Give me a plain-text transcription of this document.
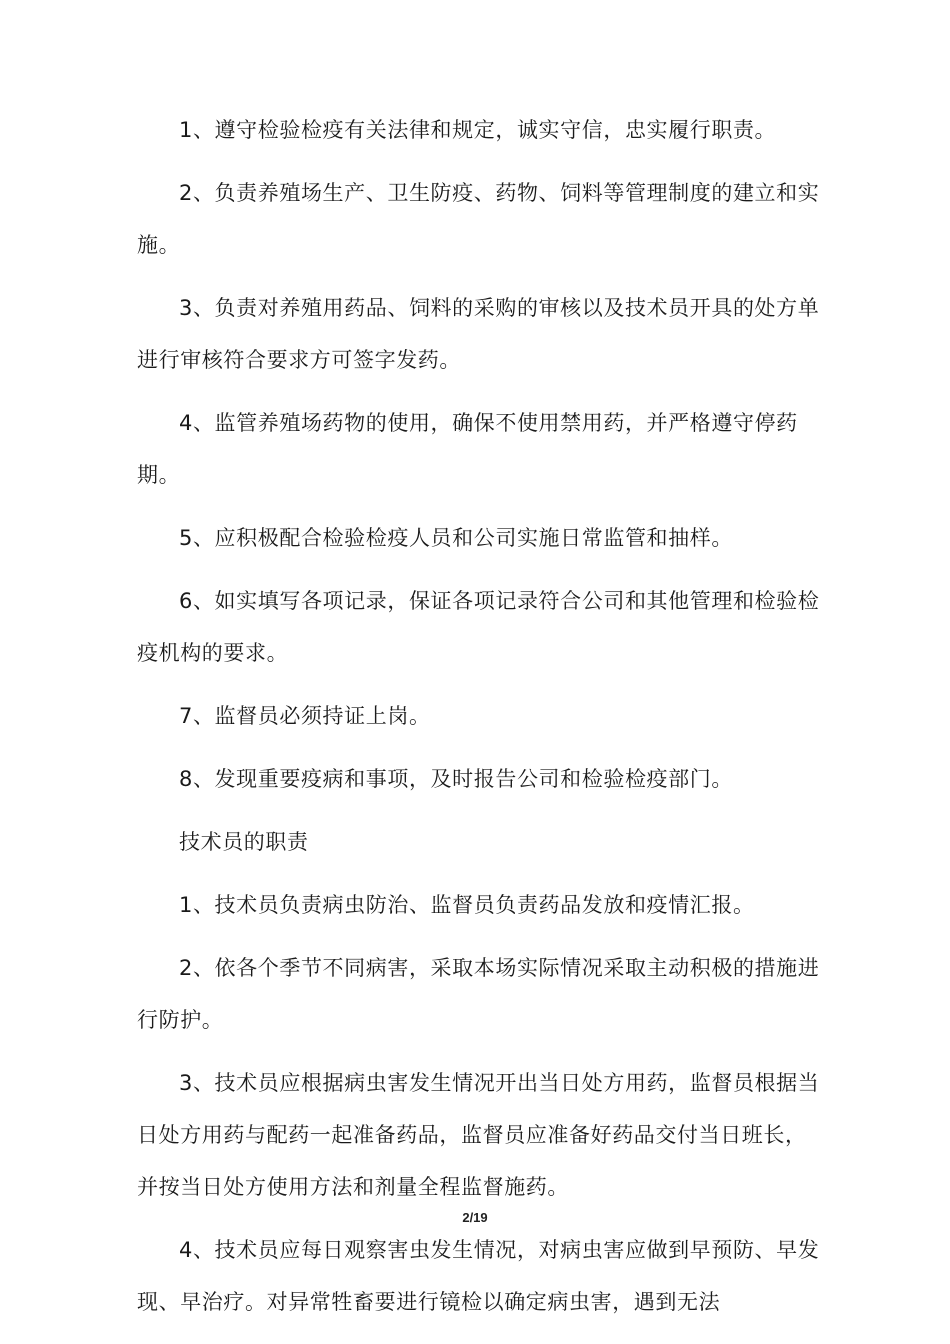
1、遵守检验检疫有关法律和规定，诚实守信，忠实履行职责。

2、负责养殖场生产、卫生防疫、药物、饲料等管理制度的建立和实施。

3、负责对养殖用药品、饲料的采购的审核以及技术员开具的处方单进行审核符合要求方可签字发药。

4、监管养殖场药物的使用，确保不使用禁用药，并严格遵守停药期。

5、应积极配合检验检疫人员和公司实施日常监管和抽样。

6、如实填写各项记录，保证各项记录符合公司和其他管理和检验检疫机构的要求。

7、监督员必须持证上岗。

8、发现重要疫病和事项，及时报告公司和检验检疫部门。

技术员的职责

1、技术员负责病虫防治、监督员负责药品发放和疫情汇报。

2、依各个季节不同病害，采取本场实际情况采取主动积极的措施进行防护。

3、技术员应根据病虫害发生情况开出当日处方用药，监督员根据当日处方用药与配药一起准备药品，监督员应准备好药品交付当日班长，并按当日处方使用方法和剂量全程监督施药。

4、技术员应每日观察害虫发生情况，对病虫害应做到早预防、早发现、早治疗。对异常牲畜要进行镜检以确定病虫害，遇到无法

2/19
